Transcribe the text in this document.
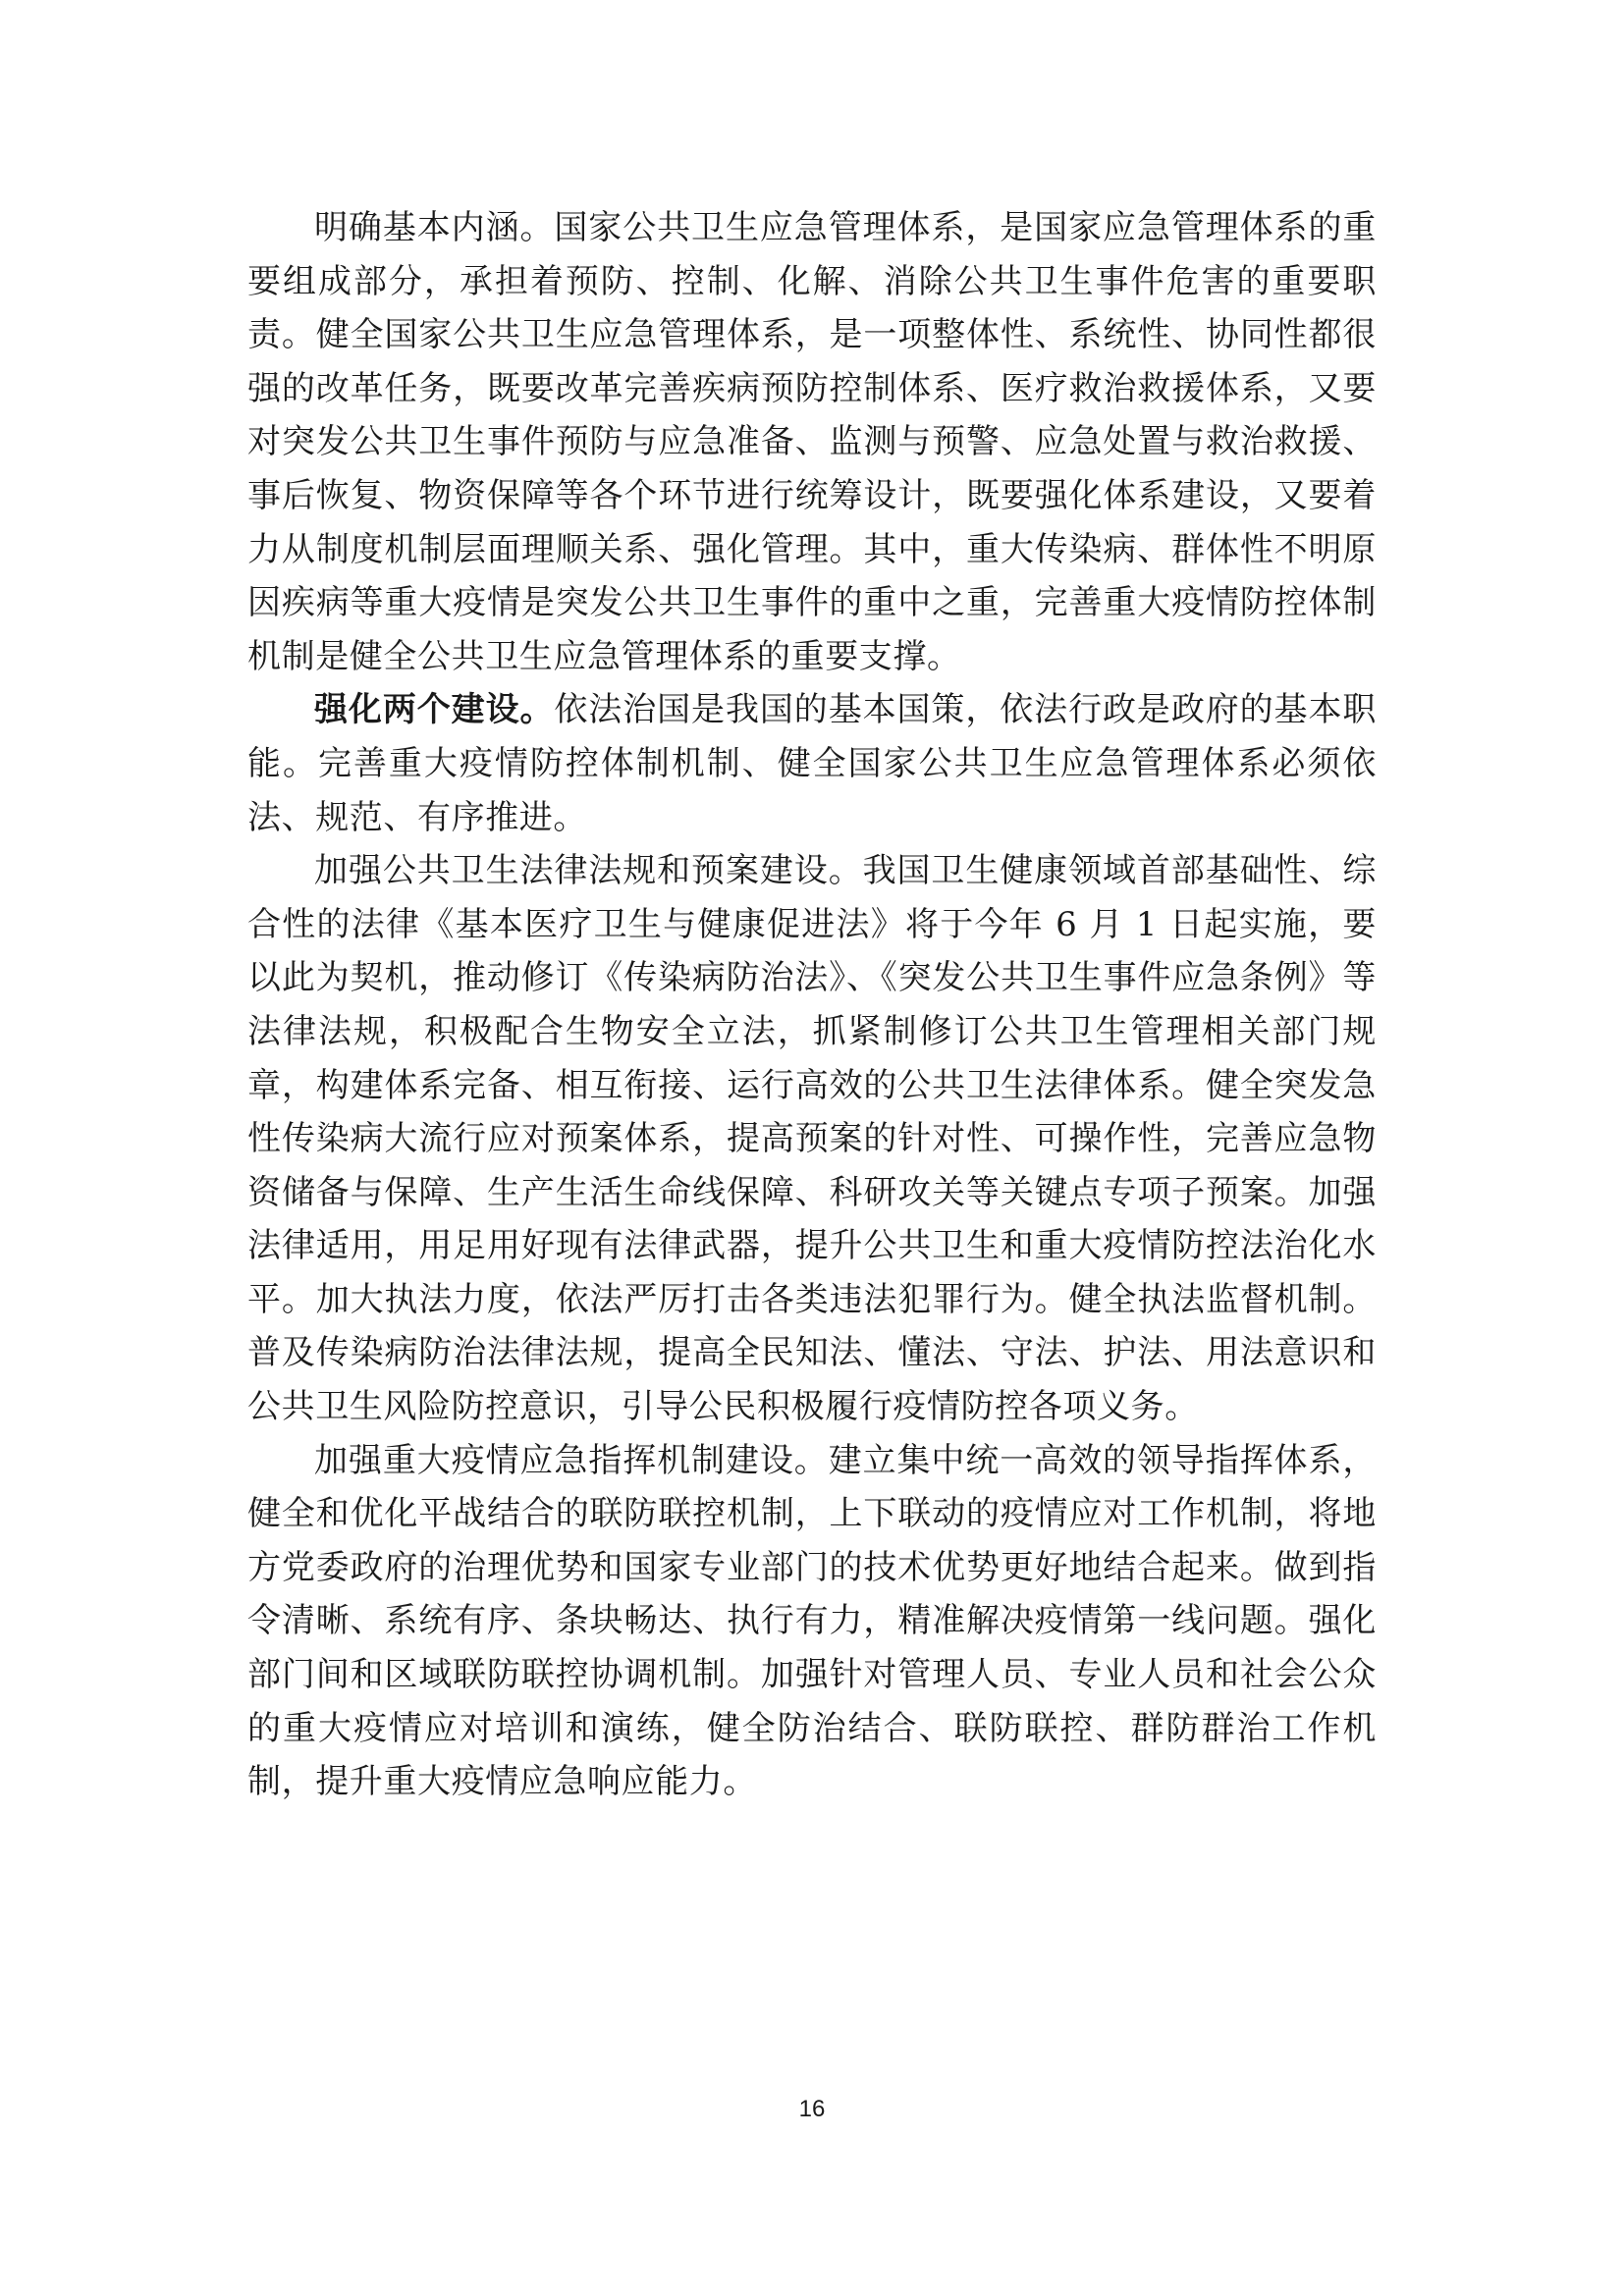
明确基本内涵。国家公共卫生应急管理体系，是国家应急管理体系的重要组成部分，承担着预防、控制、化解、消除公共卫生事件危害的重要职责。健全国家公共卫生应急管理体系，是一项整体性、系统性、协同性都很强的改革任务，既要改革完善疾病预防控制体系、医疗救治救援体系，又要对突发公共卫生事件预防与应急准备、监测与预警、应急处置与救治救援、事后恢复、物资保障等各个环节进行统筹设计，既要强化体系建设，又要着力从制度机制层面理顺关系、强化管理。其中，重大传染病、群体性不明原因疾病等重大疫情是突发公共卫生事件的重中之重，完善重大疫情防控体制机制是健全公共卫生应急管理体系的重要支撑。

强化两个建设。依法治国是我国的基本国策，依法行政是政府的基本职能。完善重大疫情防控体制机制、健全国家公共卫生应急管理体系必须依法、规范、有序推进。

加强公共卫生法律法规和预案建设。我国卫生健康领域首部基础性、综合性的法律《基本医疗卫生与健康促进法》将于今年 6 月 1 日起实施，要以此为契机，推动修订《传染病防治法》、《突发公共卫生事件应急条例》等法律法规，积极配合生物安全立法，抓紧制修订公共卫生管理相关部门规章，构建体系完备、相互衔接、运行高效的公共卫生法律体系。健全突发急性传染病大流行应对预案体系，提高预案的针对性、可操作性，完善应急物资储备与保障、生产生活生命线保障、科研攻关等关键点专项子预案。加强法律适用，用足用好现有法律武器，提升公共卫生和重大疫情防控法治化水平。加大执法力度，依法严厉打击各类违法犯罪行为。健全执法监督机制。普及传染病防治法律法规，提高全民知法、懂法、守法、护法、用法意识和公共卫生风险防控意识，引导公民积极履行疫情防控各项义务。

加强重大疫情应急指挥机制建设。建立集中统一高效的领导指挥体系，健全和优化平战结合的联防联控机制，上下联动的疫情应对工作机制，将地方党委政府的治理优势和国家专业部门的技术优势更好地结合起来。做到指令清晰、系统有序、条块畅达、执行有力，精准解决疫情第一线问题。强化部门间和区域联防联控协调机制。加强针对管理人员、专业人员和社会公众的重大疫情应对培训和演练，健全防治结合、联防联控、群防群治工作机制，提升重大疫情应急响应能力。

16
